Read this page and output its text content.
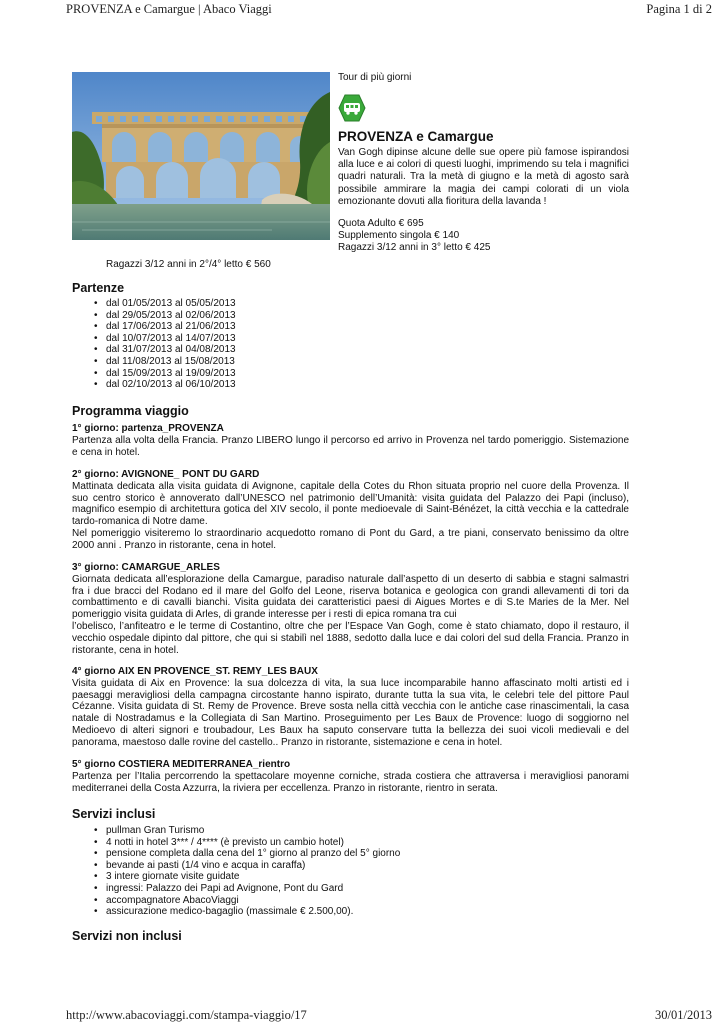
PROVENZA e Camargue | Abaco Viaggi	Pagina 1 di 2
Ragazzi 3/12 anni in 2°/4° letto € 560
Tour di più giorni
PROVENZA e Camargue
Van Gogh dipinse alcune delle sue opere più famose ispirandosi alla luce e ai colori di questi luoghi, imprimendo su tela i magnifici quadri naturali. Tra la metà di giugno e la metà di agosto sarà possibile ammirare la magia dei campi colorati di un viola emozionante dovuti alla fioritura della lavanda !
Quota Adulto € 695
Supplemento singola € 140
Ragazzi 3/12 anni in 3° letto € 425
Partenze
• dal 01/05/2013 al 05/05/2013
• dal 29/05/2013 al 02/06/2013
• dal 17/06/2013 al 21/06/2013
• dal 10/07/2013 al 14/07/2013
• dal 31/07/2013 al 04/08/2013
• dal 11/08/2013 al 15/08/2013
• dal 15/09/2013 al 19/09/2013
• dal 02/10/2013 al 06/10/2013
Programma viaggio
1° giorno: partenza_PROVENZA
Partenza alla volta della Francia. Pranzo LIBERO lungo il percorso ed arrivo in Provenza nel tardo pomeriggio. Sistemazione e cena in hotel.
2° giorno: AVIGNONE_ PONT DU GARD
Mattinata dedicata alla visita guidata di Avignone, capitale della Cotes du Rhon situata proprio nel cuore della Provenza. Il suo centro storico è annoverato dall’UNESCO nel patrimonio dell’Umanità: visita guidata del Palazzo dei Papi (incluso), magnifico esempio di architettura gotica del XIV secolo, il ponte medioevale di Saint-Bénézet, la città vecchia e la cattedrale tardo-romanica di Notre dame.
Nel pomeriggio visiteremo lo straordinario acquedotto romano di Pont du Gard, a tre piani, conservato benissimo da oltre 2000 anni . Pranzo in ristorante, cena in hotel.
3° giorno: CAMARGUE_ARLES
Giornata dedicata all’esplorazione della Camargue, paradiso naturale dall’aspetto di un deserto di sabbia e stagni salmastri fra i due bracci del Rodano ed il mare del Golfo del Leone, riserva botanica e geologica con grandi allevamenti di tori da combattimento e di cavalli bianchi. Visita guidata dei caratteristici paesi di Aigues Mortes e di S.te Maries de la Mer. Nel pomeriggio visita guidata di Arles, di grande interesse per i resti di epica romana tra cui
l’obelisco, l’anfiteatro e le terme di Costantino, oltre che per l’Espace Van Gogh, come è stato chiamato, dopo il restauro, il vecchio ospedale dipinto dal pittore, che qui si stabilì nel 1888, sedotto dalla luce e dai colori del sud della Francia. Pranzo in ristorante, cena in hotel.
4° giorno AIX EN PROVENCE_ST. REMY_LES BAUX
Visita guidata di Aix en Provence: la sua dolcezza di vita, la sua luce incomparabile hanno affascinato molti artisti ed i paesaggi meravigliosi della campagna circostante hanno ispirato, durante tutta la sua vita, le celebri tele del pittore Paul Cézanne. Visita guidata di St. Remy de Provence. Breve sosta nella città vecchia con le antiche case rinascimentali, la casa natale di Nostradamus e la Collegiata di San Martino. Proseguimento per Les Baux de Provence: luogo di soggiorno nel Medioevo di alteri signori e troubadour, Les Baux ha saputo conservare tutta la bellezza dei suoi vicoli medievali e del panorama, maestoso dalle rovine del castello.. Pranzo in ristorante, sistemazione e cena in hotel.
5° giorno COSTIERA MEDITERRANEA_rientro
Partenza per l’Italia percorrendo la spettacolare moyenne corniche, strada costiera che attraversa i meravigliosi panorami mediterranei della Costa Azzurra, la riviera per eccellenza. Pranzo in ristorante, rientro in serata.
Servizi inclusi
• pullman Gran Turismo
• 4 notti in hotel 3*** / 4**** (è previsto un cambio hotel)
• pensione completa dalla cena del 1° giorno al pranzo del 5° giorno
• bevande ai pasti (1/4 vino e acqua in caraffa)
• 3 intere giornate visite guidate
• ingressi: Palazzo dei Papi ad Avignone, Pont du Gard
• accompagnatore AbacoViaggi
• assicurazione medico-bagaglio (massimale € 2.500,00).
Servizi non inclusi
http://www.abacoviaggi.com/stampa-viaggio/17	30/01/2013
